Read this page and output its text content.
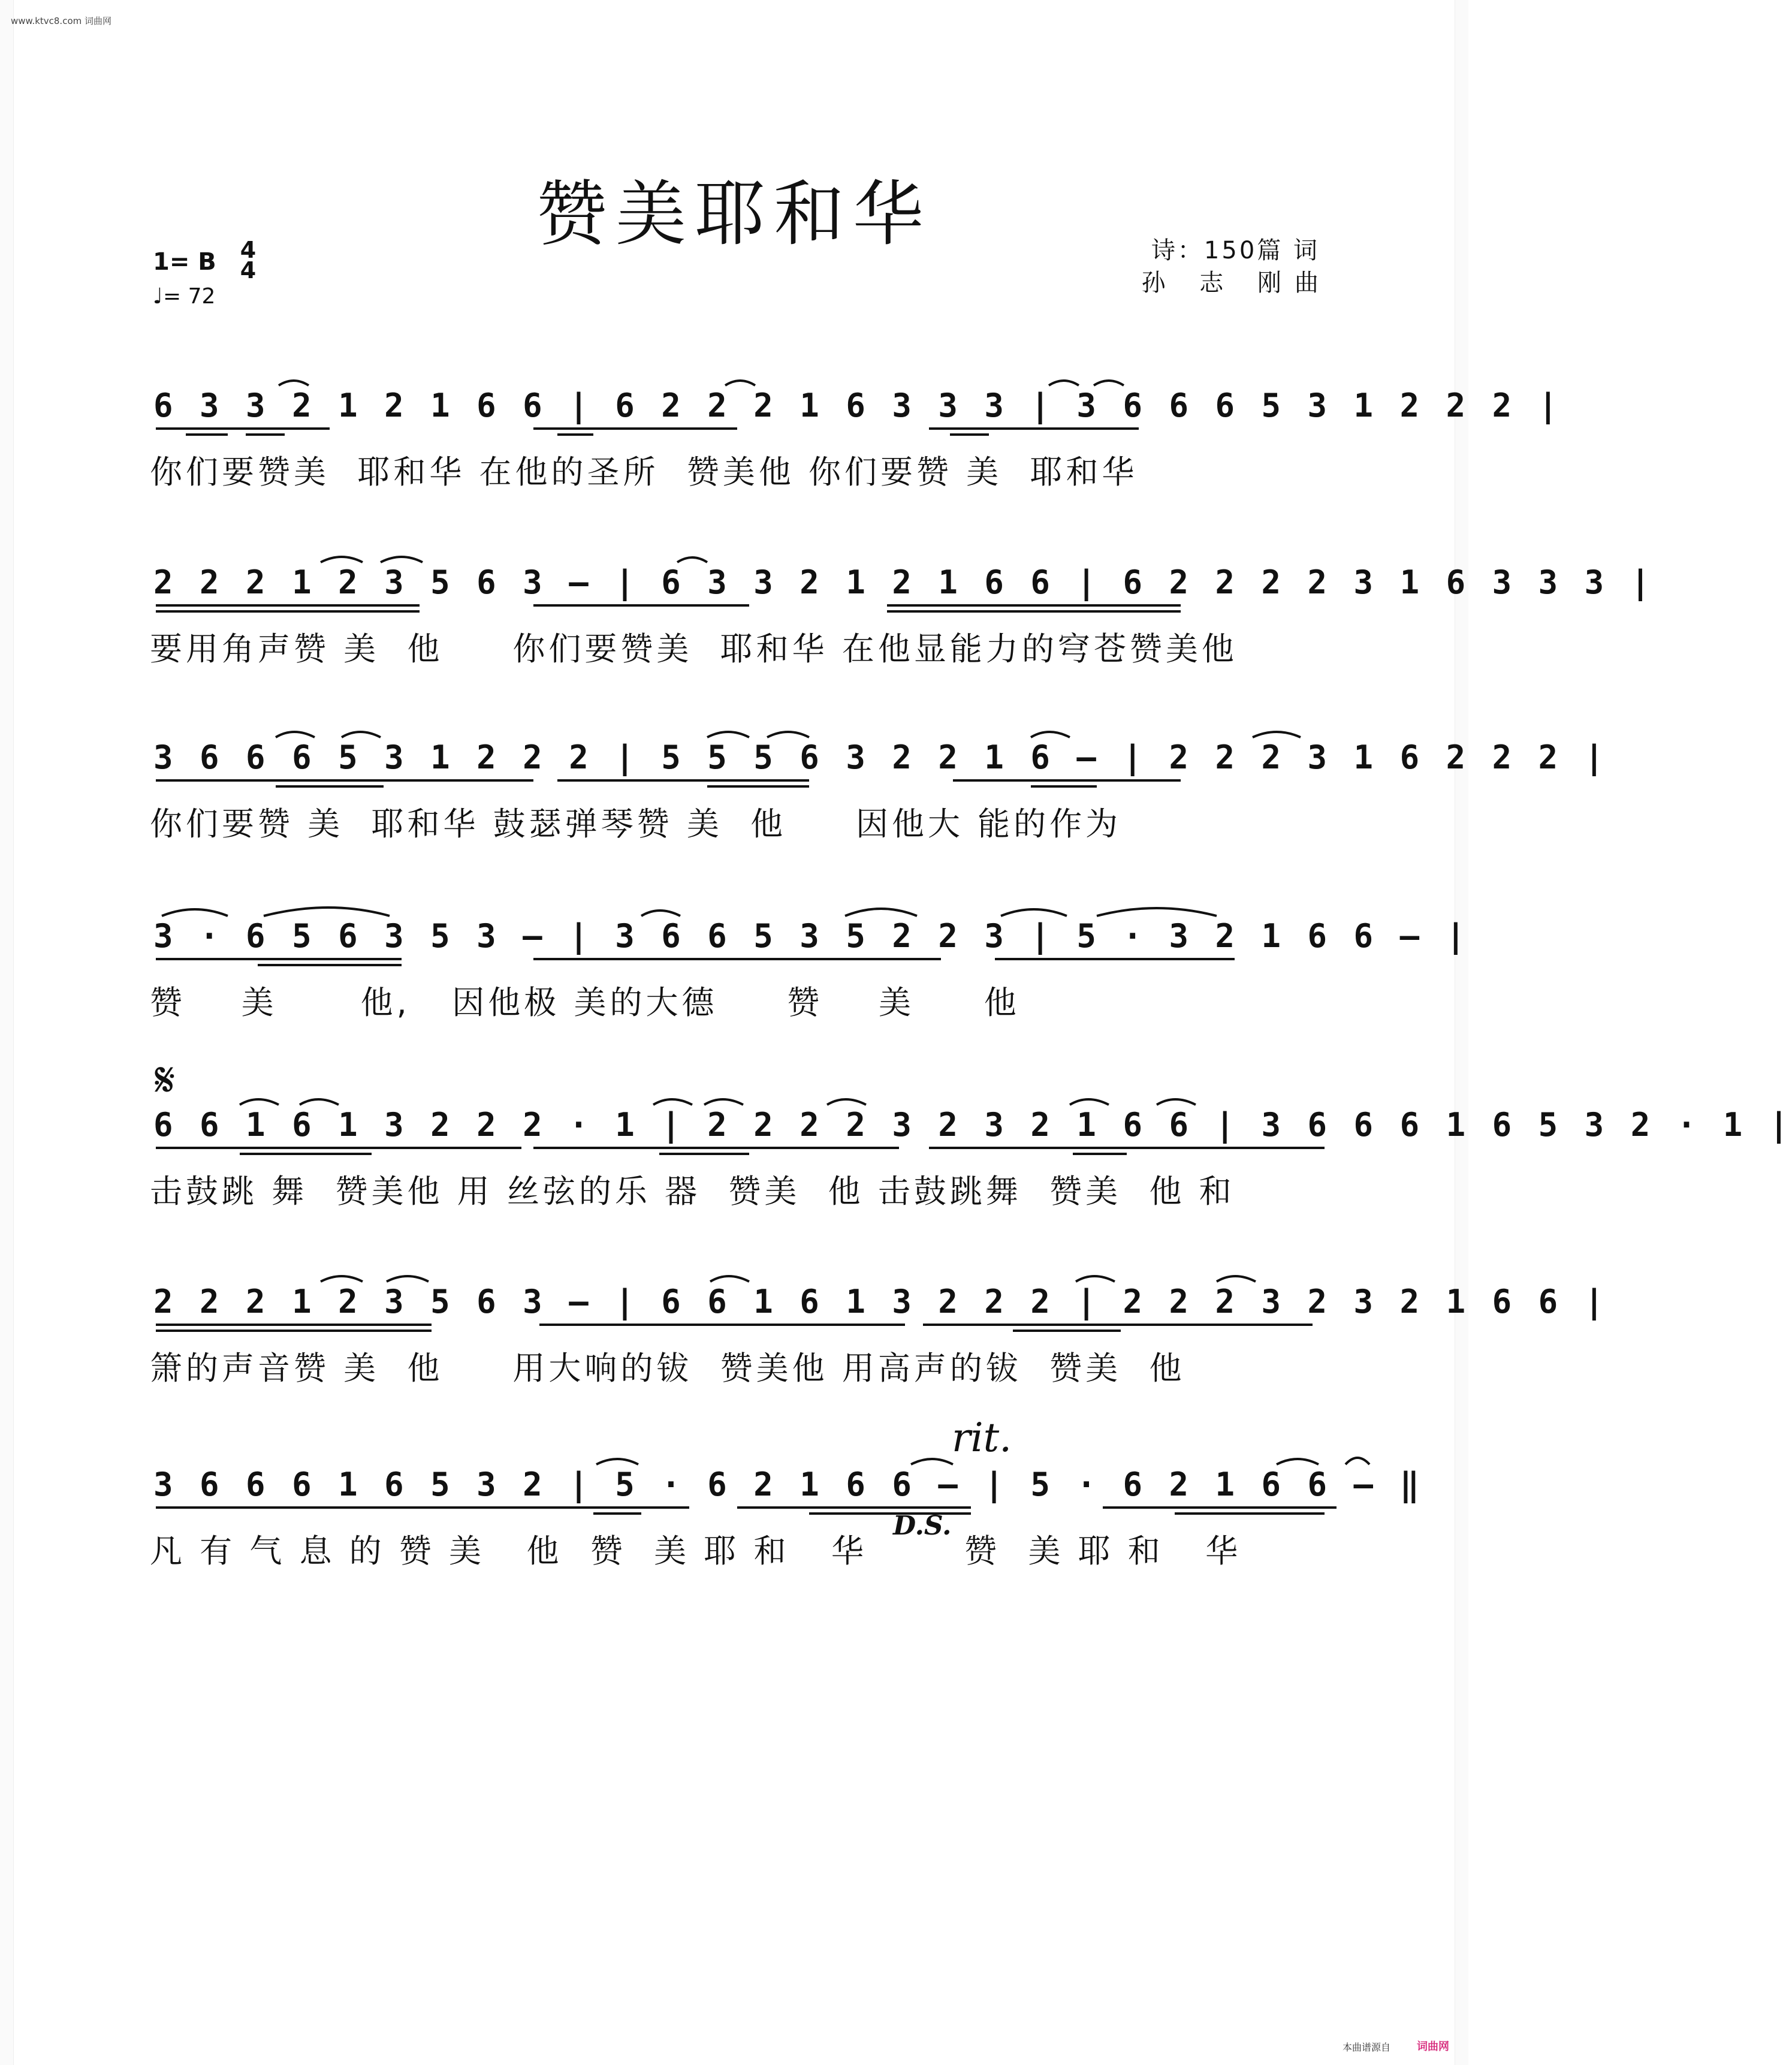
www.ktvc8.com 词曲网
赞美耶和华
1= B 4
4
♩= 72
诗：150篇 词
孙 志 刚曲
𝄋
rit.
D.S.
6 3 3 2 1 2 1 6 6 | 6 2 2 2 1 6 3 3 3 | 3 6 6 6 5 3 1 2 2 2 |
你们要赞美  耶和华 在他的圣所  赞美他 你们要赞 美  耶和华
2 2 2 1 2 3 5 6 3 – | 6 3 3 2 1 2 1 6 6 | 6 2 2 2 2 3 1 6 3 3 3 |
要用角声赞 美  他     你们要赞美  耶和华 在他显能力的穹苍赞美他
3 6 6 6 5 3 1 2 2 2 | 5 5 5 6 3 2 2 1 6 – | 2 2 2 3 1 6 2 2 2 |
你们要赞 美  耶和华 鼓瑟弹琴赞 美  他     因他大 能的作为
3 · 6 5 6 3 5 3 – | 3 6 6 5 3 5 2 2 3 | 5 · 3 2 1 6 6 – |
赞    美      他,   因他极 美的大德     赞    美     他
6 6 1 6 1 3 2 2 2 · 1 | 2 2 2 2 3 2 3 2 1 6 6 | 3 6 6 6 1 6 5 3 2 · 1 |
击鼓跳 舞  赞美他 用 丝弦的乐 器  赞美  他 击鼓跳舞  赞美  他 和
2 2 2 1 2 3 5 6 3 – | 6 6 1 6 1 3 2 2 2 | 2 2 2 3 2 3 2 1 6 6 |
箫的声音赞 美  他     用大响的钹  赞美他 用高声的钹  赞美  他
3 6 6 6 1 6 5 3 2 | 5 · 6 2 1 6 6 – | 5 · 6 2 1 6 6 – ‖
凡 有 气 息 的 赞 美   他  赞  美 耶 和   华       赞  美 耶 和   华
本曲谱源自 词曲网
